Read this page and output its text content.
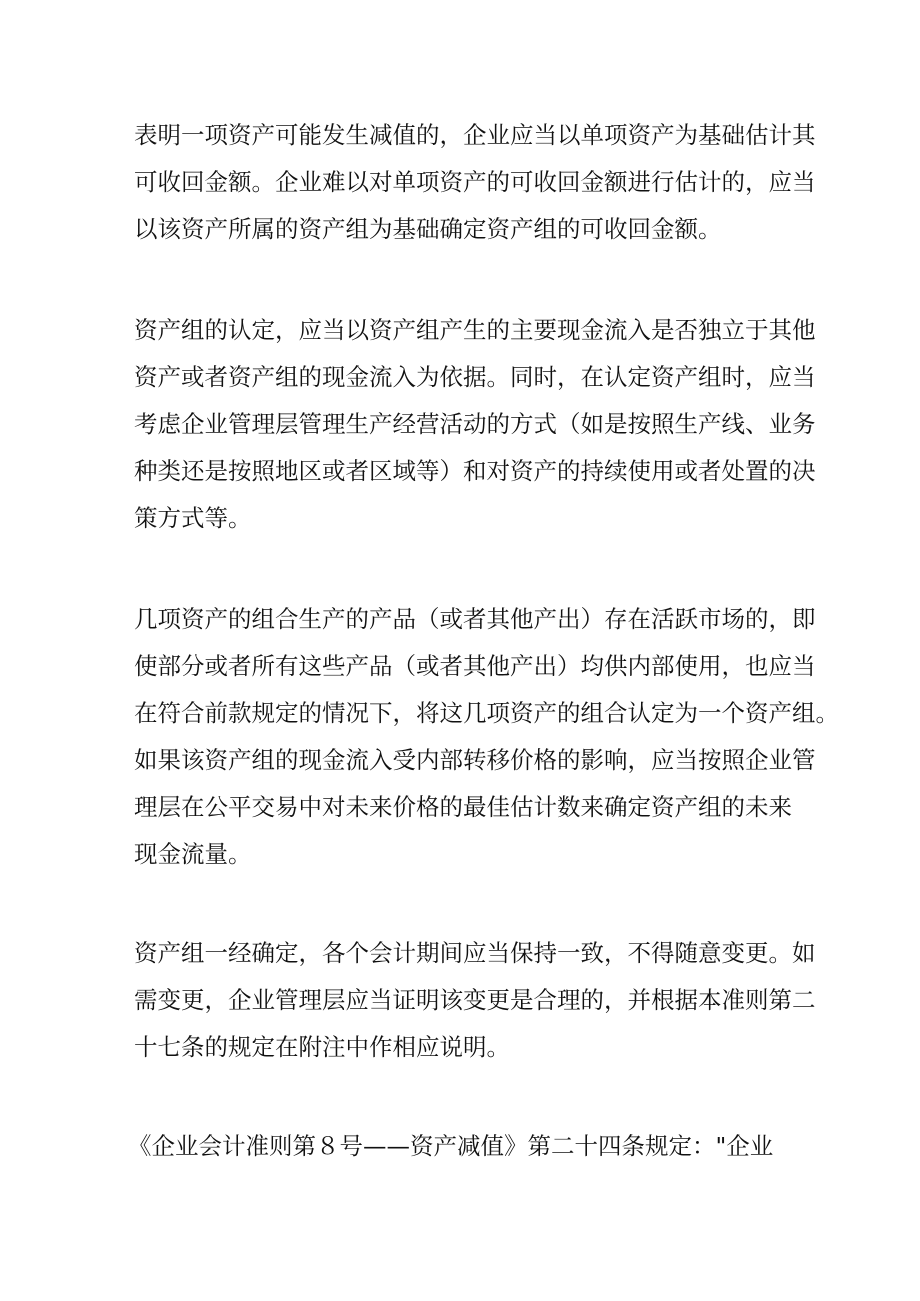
表明一项资产可能发生减值的，企业应当以单项资产为基础估计其
可收回金额。企业难以对单项资产的可收回金额进行估计的，应当
以该资产所属的资产组为基础确定资产组的可收回金额。

资产组的认定，应当以资产组产生的主要现金流入是否独立于其他
资产或者资产组的现金流入为依据。同时，在认定资产组时，应当
考虑企业管理层管理生产经营活动的方式（如是按照生产线、业务
种类还是按照地区或者区域等）和对资产的持续使用或者处置的决
策方式等。

几项资产的组合生产的产品（或者其他产出）存在活跃市场的，即
使部分或者所有这些产品（或者其他产出）均供内部使用，也应当
在符合前款规定的情况下，将这几项资产的组合认定为一个资产组。
如果该资产组的现金流入受内部转移价格的影响，应当按照企业管
理层在公平交易中对未来价格的最佳估计数来确定资产组的未来
现金流量。

资产组一经确定，各个会计期间应当保持一致，不得随意变更。如
需变更，企业管理层应当证明该变更是合理的，并根据本准则第二
十七条的规定在附注中作相应说明。

《企业会计准则第８号——资产减值》第二十四条规定："企业
